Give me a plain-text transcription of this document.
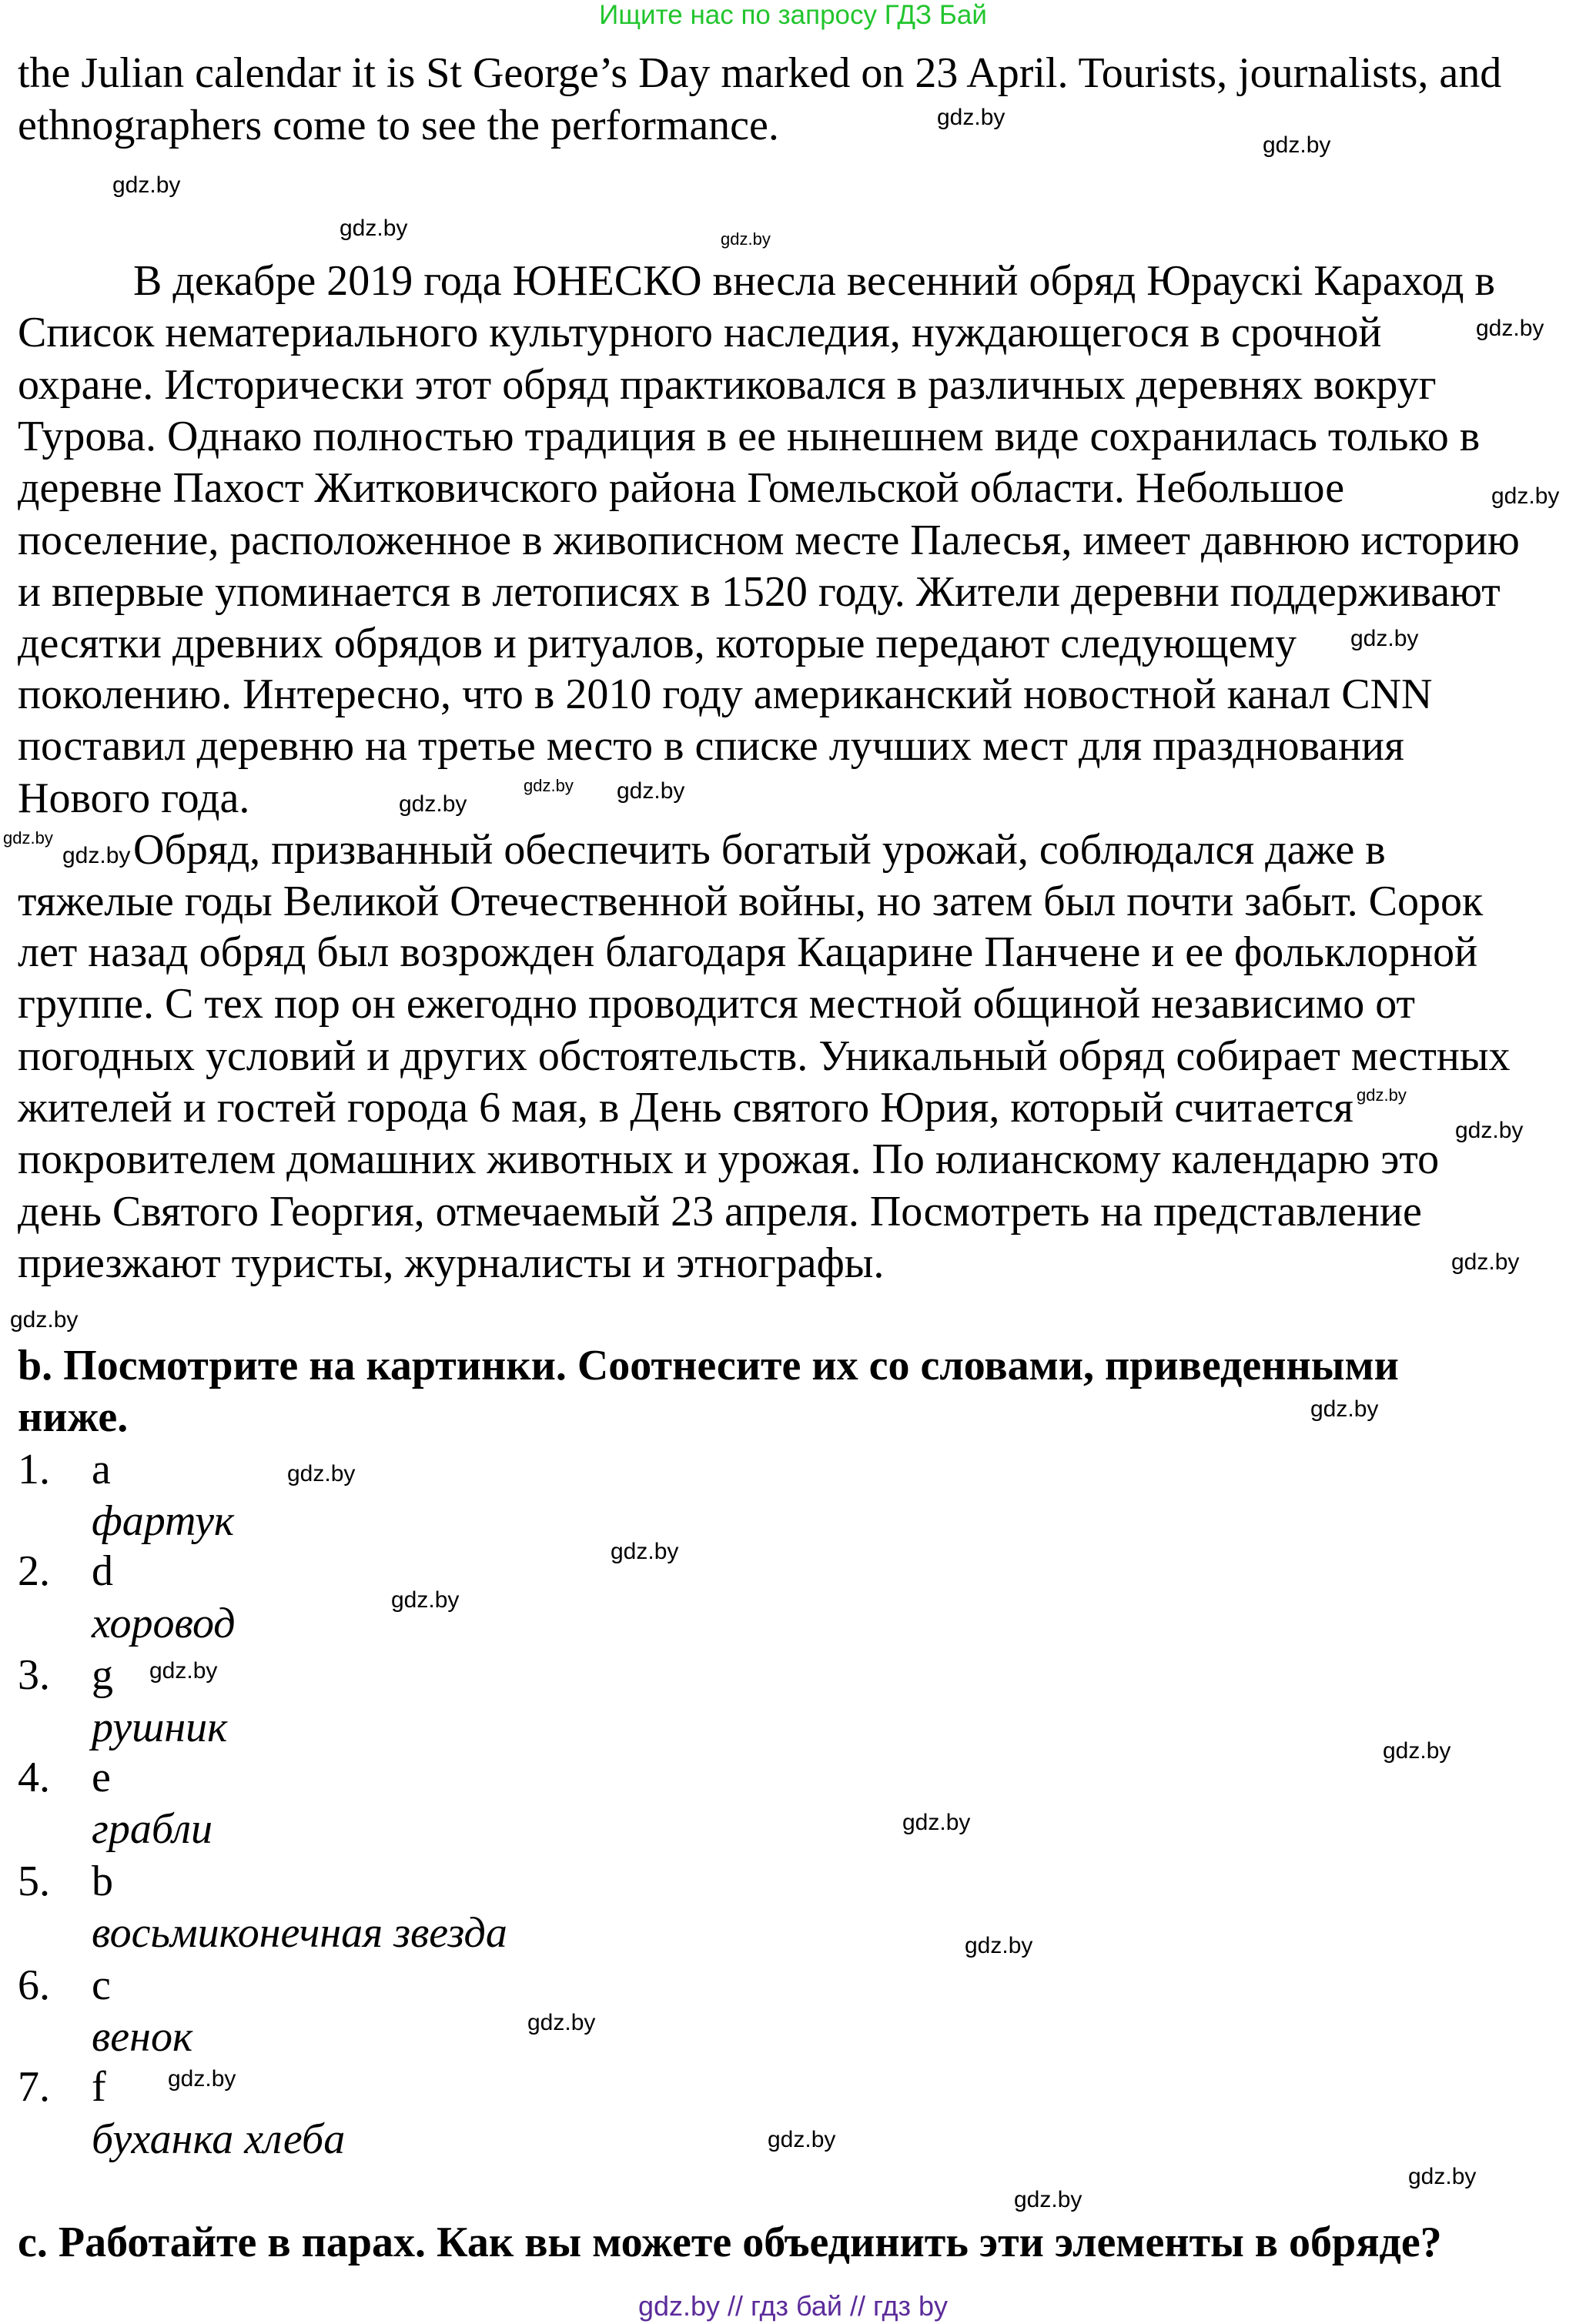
Ищите нас по запросу ГДЗ Бай
the Julian calendar it is St George’s Day marked on 23 April. Tourists, journalists, and
ethnographers come to see the performance.
В декабре 2019 года ЮНЕСКО внесла весенний обряд Юраускі Караход в
Список нематериального культурного наследия, нуждающегося в срочной
охране. Исторически этот обряд практиковался в различных деревнях вокруг
Турова. Однако полностью традиция в ее нынешнем виде сохранилась только в
деревне Пахост Житковичского района Гомельской области. Небольшое
поселение, расположенное в живописном месте Палесья, имеет давнюю историю
и впервые упоминается в летописях в 1520 году. Жители деревни поддерживают
десятки древних обрядов и ритуалов, которые передают следующему
поколению. Интересно, что в 2010 году американский новостной канал CNN
поставил деревню на третье место в списке лучших мест для празднования
Нового года.
Обряд, призванный обеспечить богатый урожай, соблюдался даже в
тяжелые годы Великой Отечественной войны, но затем был почти забыт. Сорок
лет назад обряд был возрожден благодаря Кацарине Панчене и ее фольклорной
группе. С тех пор он ежегодно проводится местной общиной независимо от
погодных условий и других обстоятельств. Уникальный обряд собирает местных
жителей и гостей города 6 мая, в День святого Юрия, который считается
покровителем домашних животных и урожая. По юлианскому календарю это
день Святого Георгия, отмечаемый 23 апреля. Посмотреть на представление
приезжают туристы, журналисты и этнографы.
b. Посмотрите на картинки. Соотнесите их со словами, приведенными
ниже.
1. a
фартук
2. d
хоровод
3. g
рушник
4. e
грабли
5. b
восьмиконечная звезда
6. c
венок
7. f
буханка хлеба
c. Работайте в парах. Как вы можете объединить эти элементы в обряде?
gdz.by
gdz.by
gdz.by
gdz.by
gdz.by
gdz.by
gdz.by
gdz.by
gdz.by
gdz.by
gdz.by
gdz.by
gdz.by
gdz.by
gdz.by
gdz.by
gdz.by
gdz.by
gdz.by
gdz.by
gdz.by
gdz.by
gdz.by
gdz.by
gdz.by
gdz.by
gdz.by
gdz.by
gdz.by
gdz.by
gdz.by // гдз бай // гдз by
